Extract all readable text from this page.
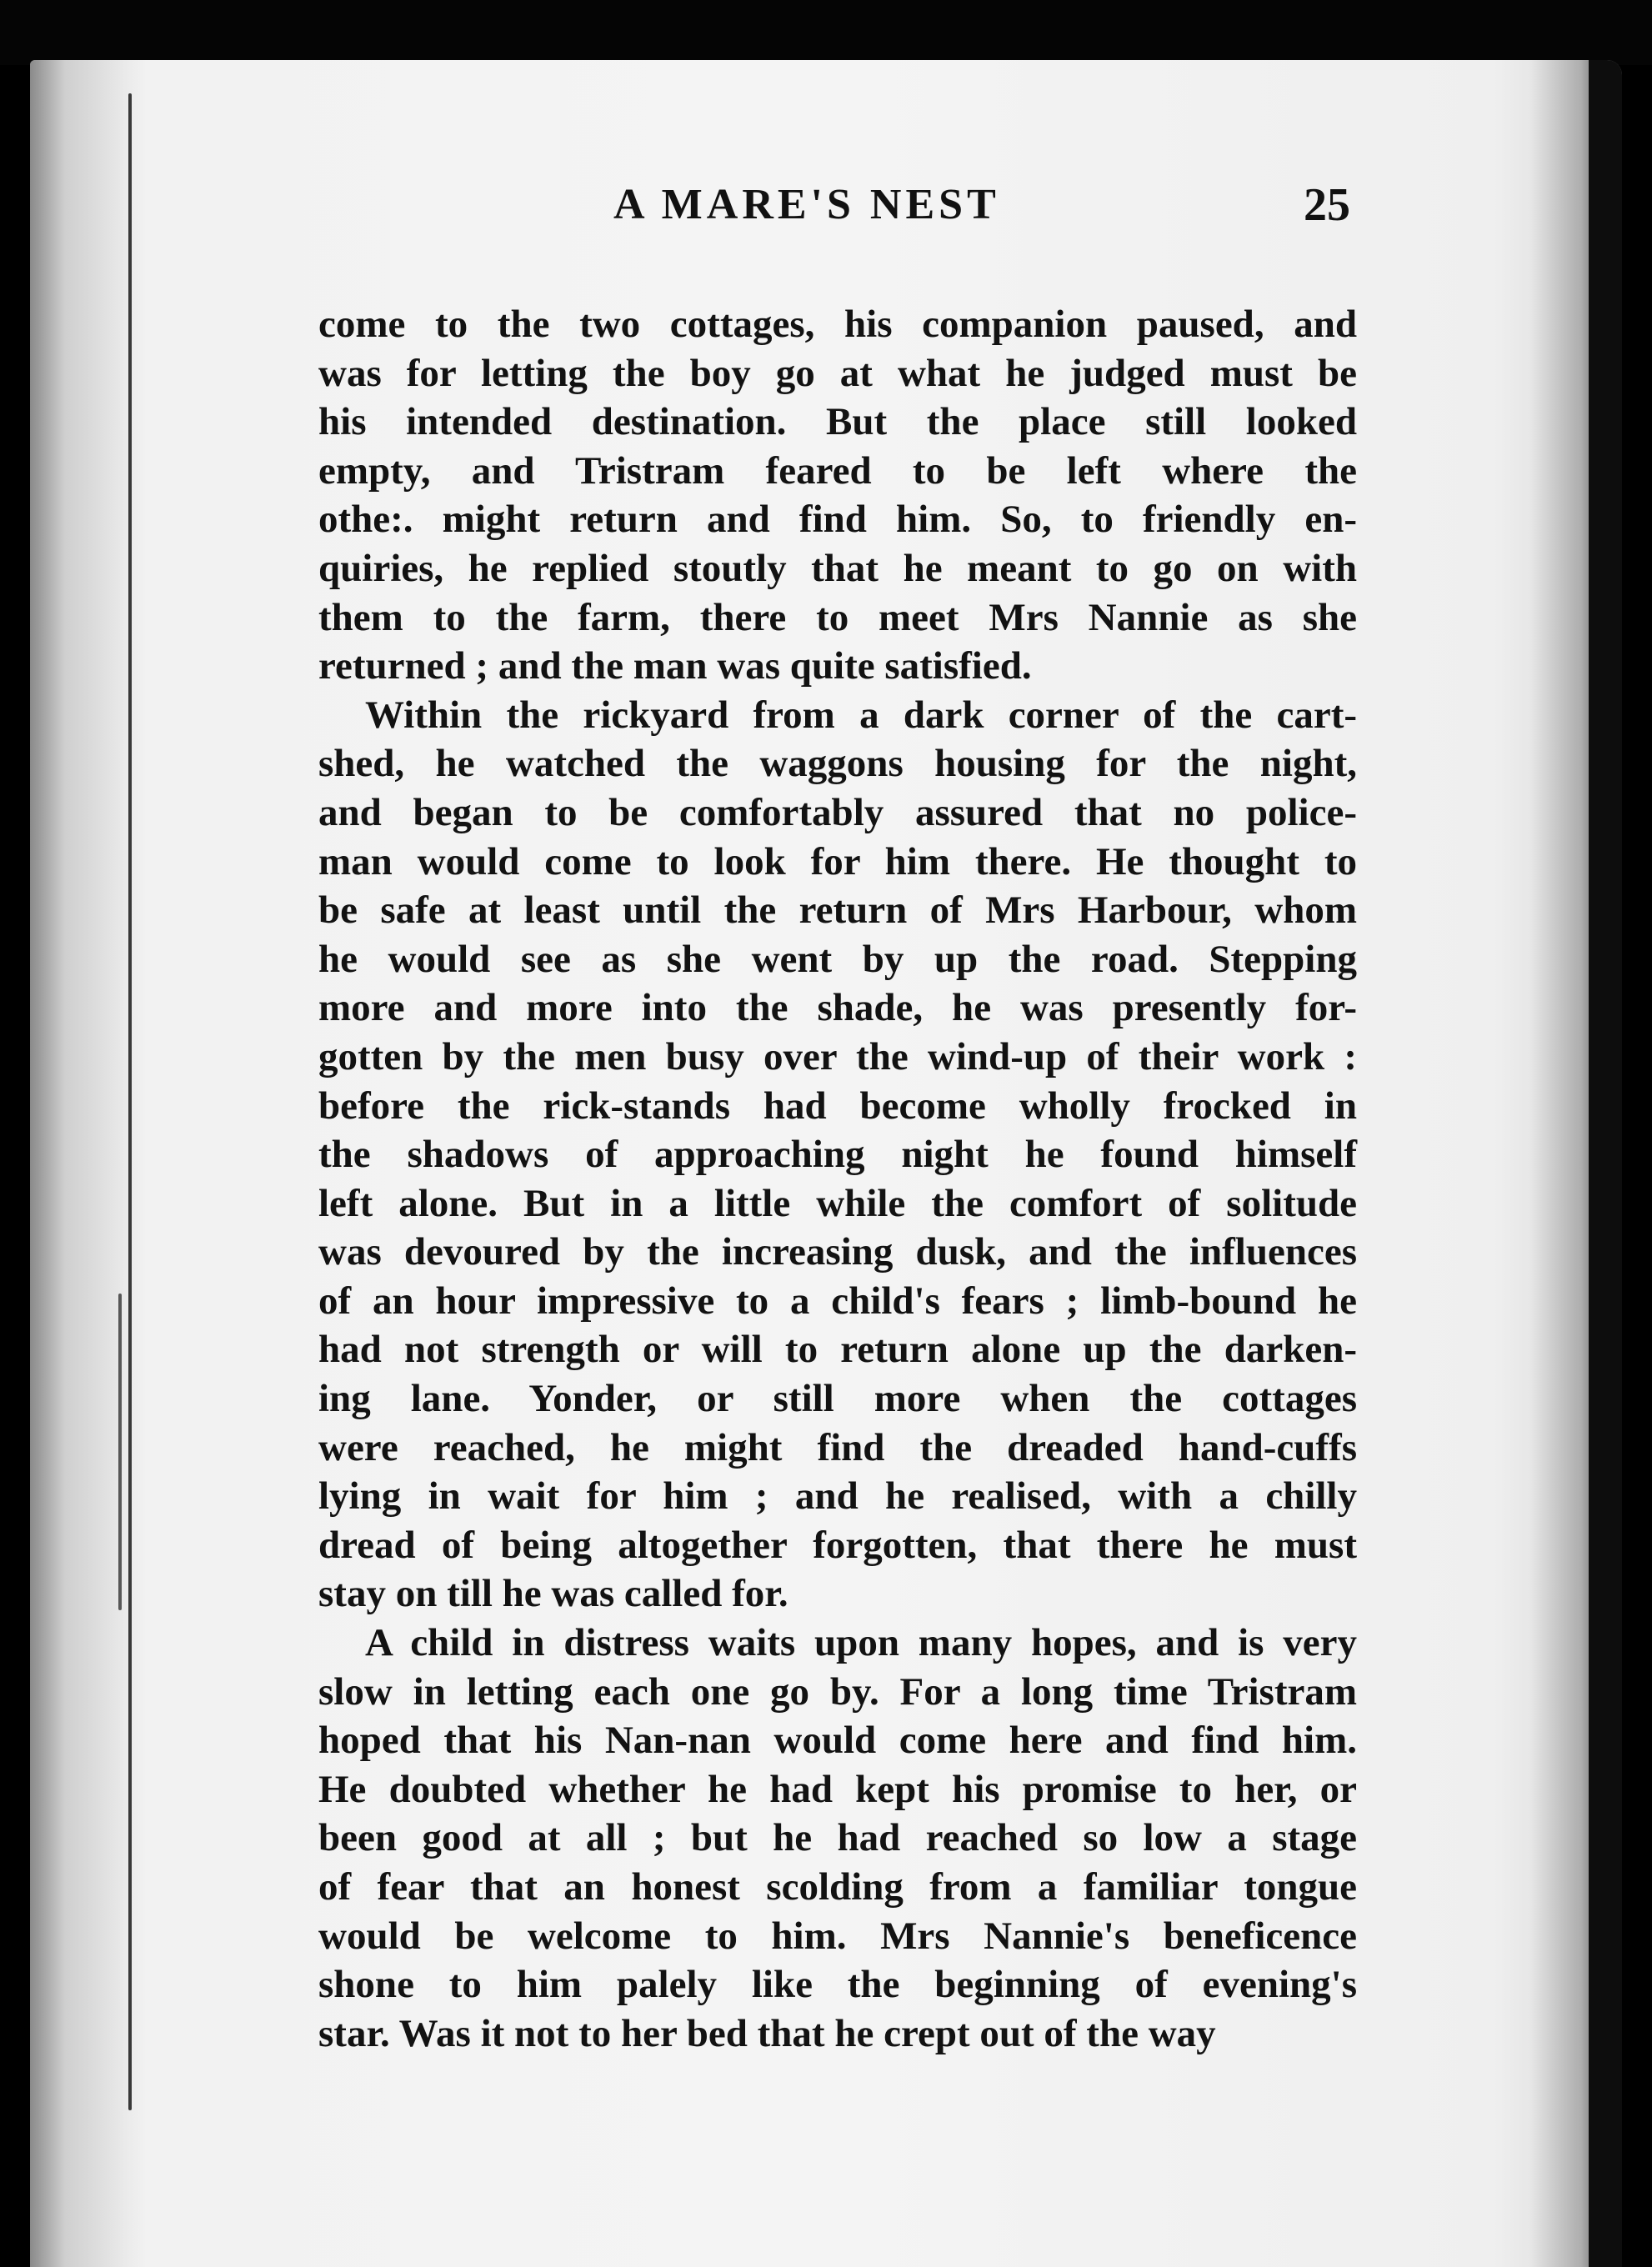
A MARE'S NEST	25
come to the two cottages, his companion paused, and
was for letting the boy go at what he judged must be
his intended destination. But the place still looked
empty, and Tristram feared to be left where the
othe:. might return and find him. So, to friendly en-
quiries, he replied stoutly that he meant to go on with
them to the farm, there to meet Mrs Nannie as she
returned ; and the man was quite satisfied.
Within the rickyard from a dark corner of the cart-
shed, he watched the waggons housing for the night,
and began to be comfortably assured that no police-
man would come to look for him there. He thought to
be safe at least until the return of Mrs Harbour, whom
he would see as she went by up the road. Stepping
more and more into the shade, he was presently for-
gotten by the men busy over the wind-up of their work :
before the rick-stands had become wholly frocked in
the shadows of approaching night he found himself
left alone. But in a little while the comfort of solitude
was devoured by the increasing dusk, and the influences
of an hour impressive to a child's fears ; limb-bound he
had not strength or will to return alone up the darken-
ing lane. Yonder, or still more when the cottages
were reached, he might find the dreaded hand-cuffs
lying in wait for him ; and he realised, with a chilly
dread of being altogether forgotten, that there he must
stay on till he was called for.
A child in distress waits upon many hopes, and is very
slow in letting each one go by. For a long time Tristram
hoped that his Nan-nan would come here and find him.
He doubted whether he had kept his promise to her, or
been good at all ; but he had reached so low a stage
of fear that an honest scolding from a familiar tongue
would be welcome to him. Mrs Nannie's beneficence
shone to him palely like the beginning of evening's
star. Was it not to her bed that he crept out of the way
